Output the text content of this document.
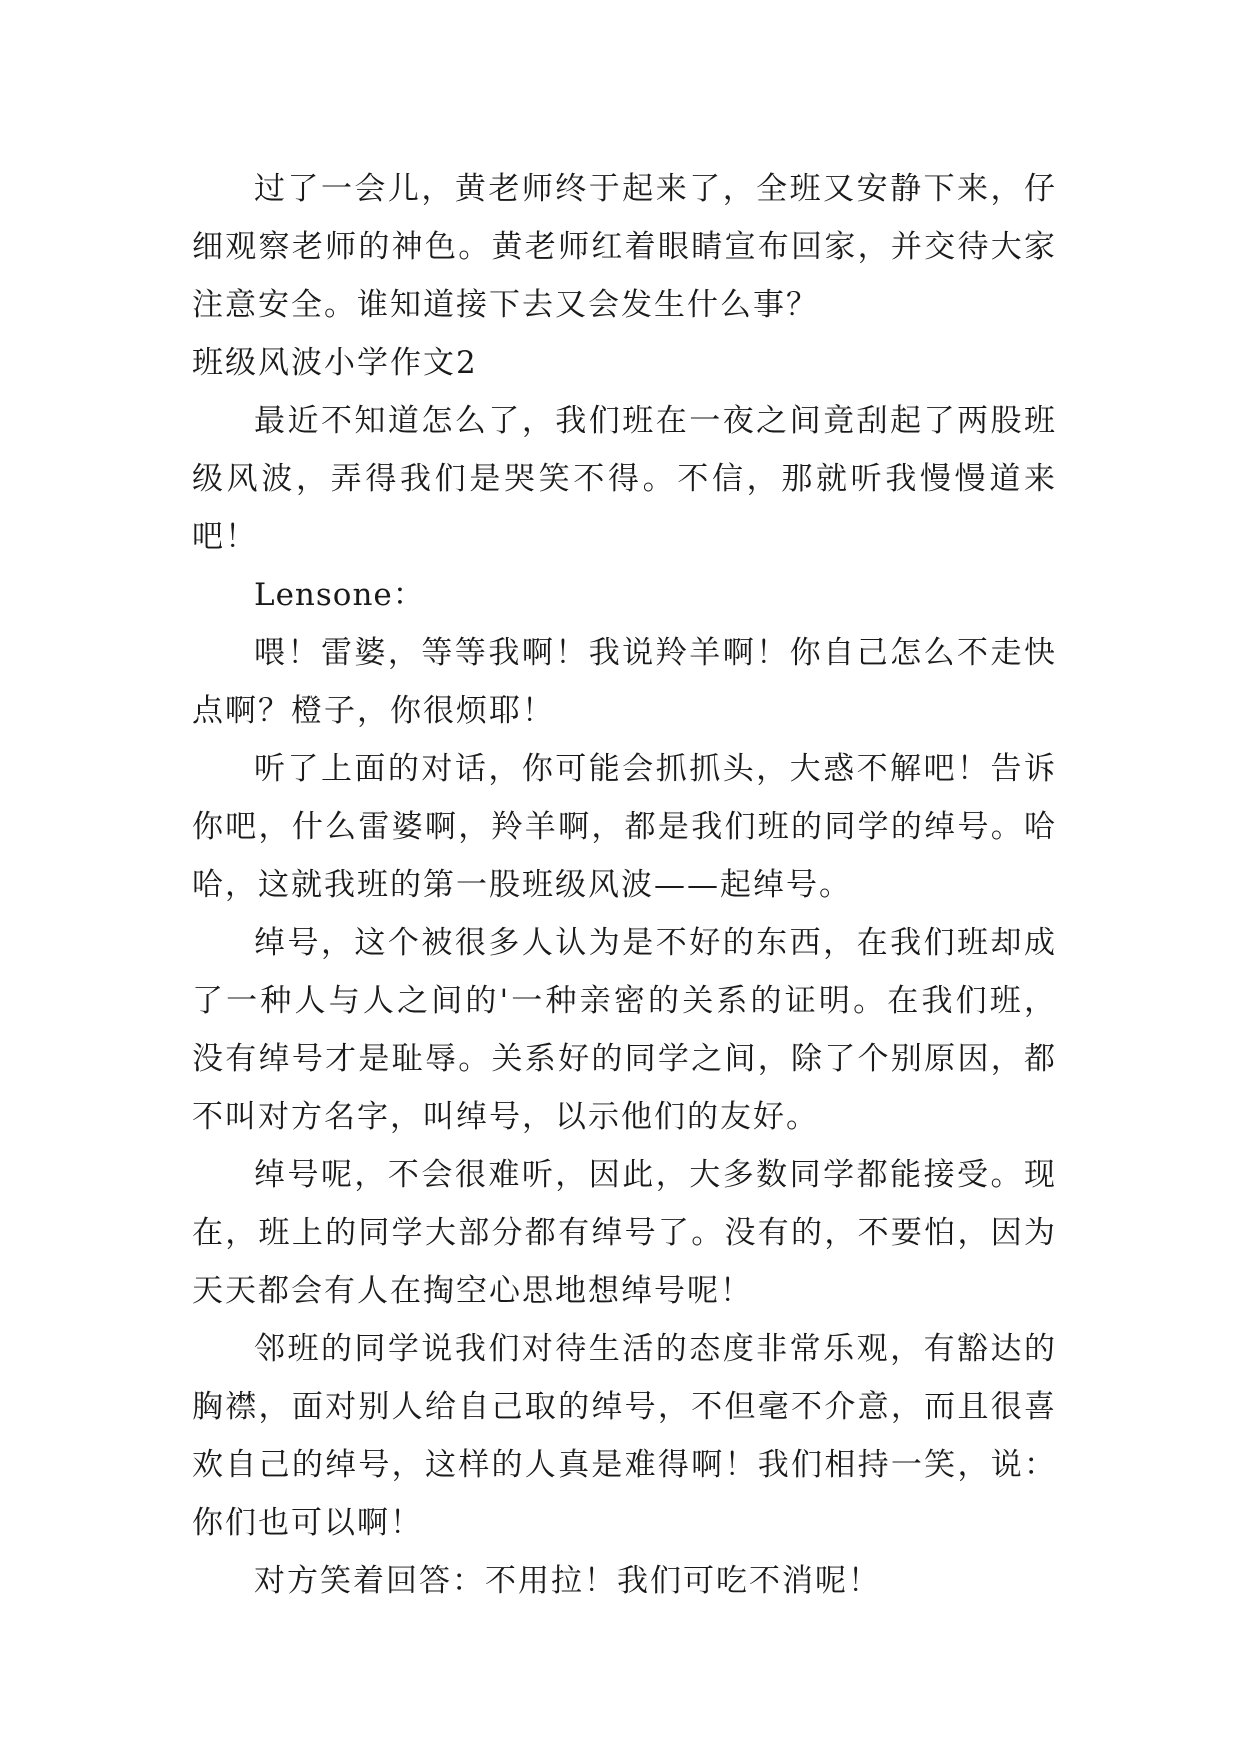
过了一会儿，黄老师终于起来了，全班又安静下来，仔细观察老师的神色。黄老师红着眼睛宣布回家，并交待大家注意安全。谁知道接下去又会发生什么事？

班级风波小学作文2

最近不知道怎么了，我们班在一夜之间竟刮起了两股班级风波，弄得我们是哭笑不得。不信，那就听我慢慢道来吧！

Lensone：

喂！雷婆，等等我啊！我说羚羊啊！你自己怎么不走快点啊？橙子，你很烦耶！

听了上面的对话，你可能会抓抓头，大惑不解吧！告诉你吧，什么雷婆啊，羚羊啊，都是我们班的同学的绰号。哈哈，这就我班的第一股班级风波——起绰号。

绰号，这个被很多人认为是不好的东西，在我们班却成了一种人与人之间的'一种亲密的关系的证明。在我们班，没有绰号才是耻辱。关系好的同学之间，除了个别原因，都不叫对方名字，叫绰号，以示他们的友好。

绰号呢，不会很难听，因此，大多数同学都能接受。现在，班上的同学大部分都有绰号了。没有的，不要怕，因为天天都会有人在掏空心思地想绰号呢！

邻班的同学说我们对待生活的态度非常乐观，有豁达的胸襟，面对别人给自己取的绰号，不但毫不介意，而且很喜欢自己的绰号，这样的人真是难得啊！我们相持一笑，说：你们也可以啊！

对方笑着回答：不用拉！我们可吃不消呢！
